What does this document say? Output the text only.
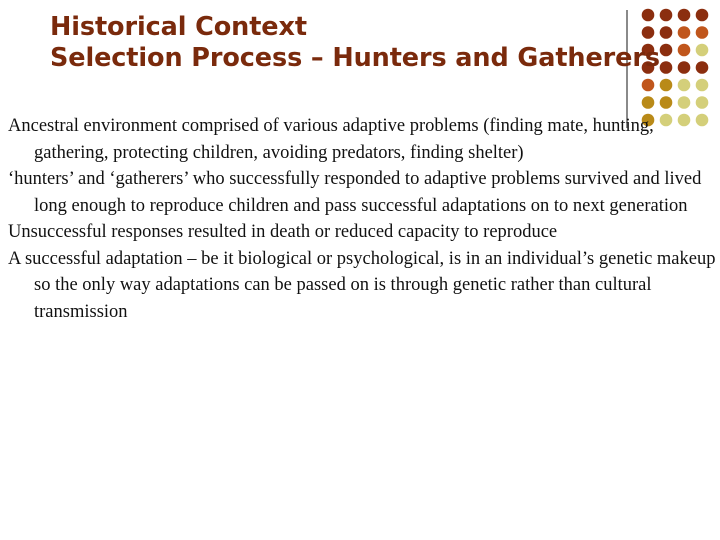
Historical Context
Selection Process – Hunters and Gatherers
Ancestral environment comprised of various adaptive problems (finding mate, hunting, gathering, protecting children, avoiding predators, finding shelter)
‘hunters’ and ‘gatherers’ who successfully responded to adaptive problems survived and lived long enough to reproduce children and pass successful adaptations on to next generation
Unsuccessful responses resulted in death or reduced capacity to reproduce
A successful adaptation – be it biological or psychological, is in an individual’s genetic makeup so the only way adaptations can be passed on is through genetic rather than cultural transmission
